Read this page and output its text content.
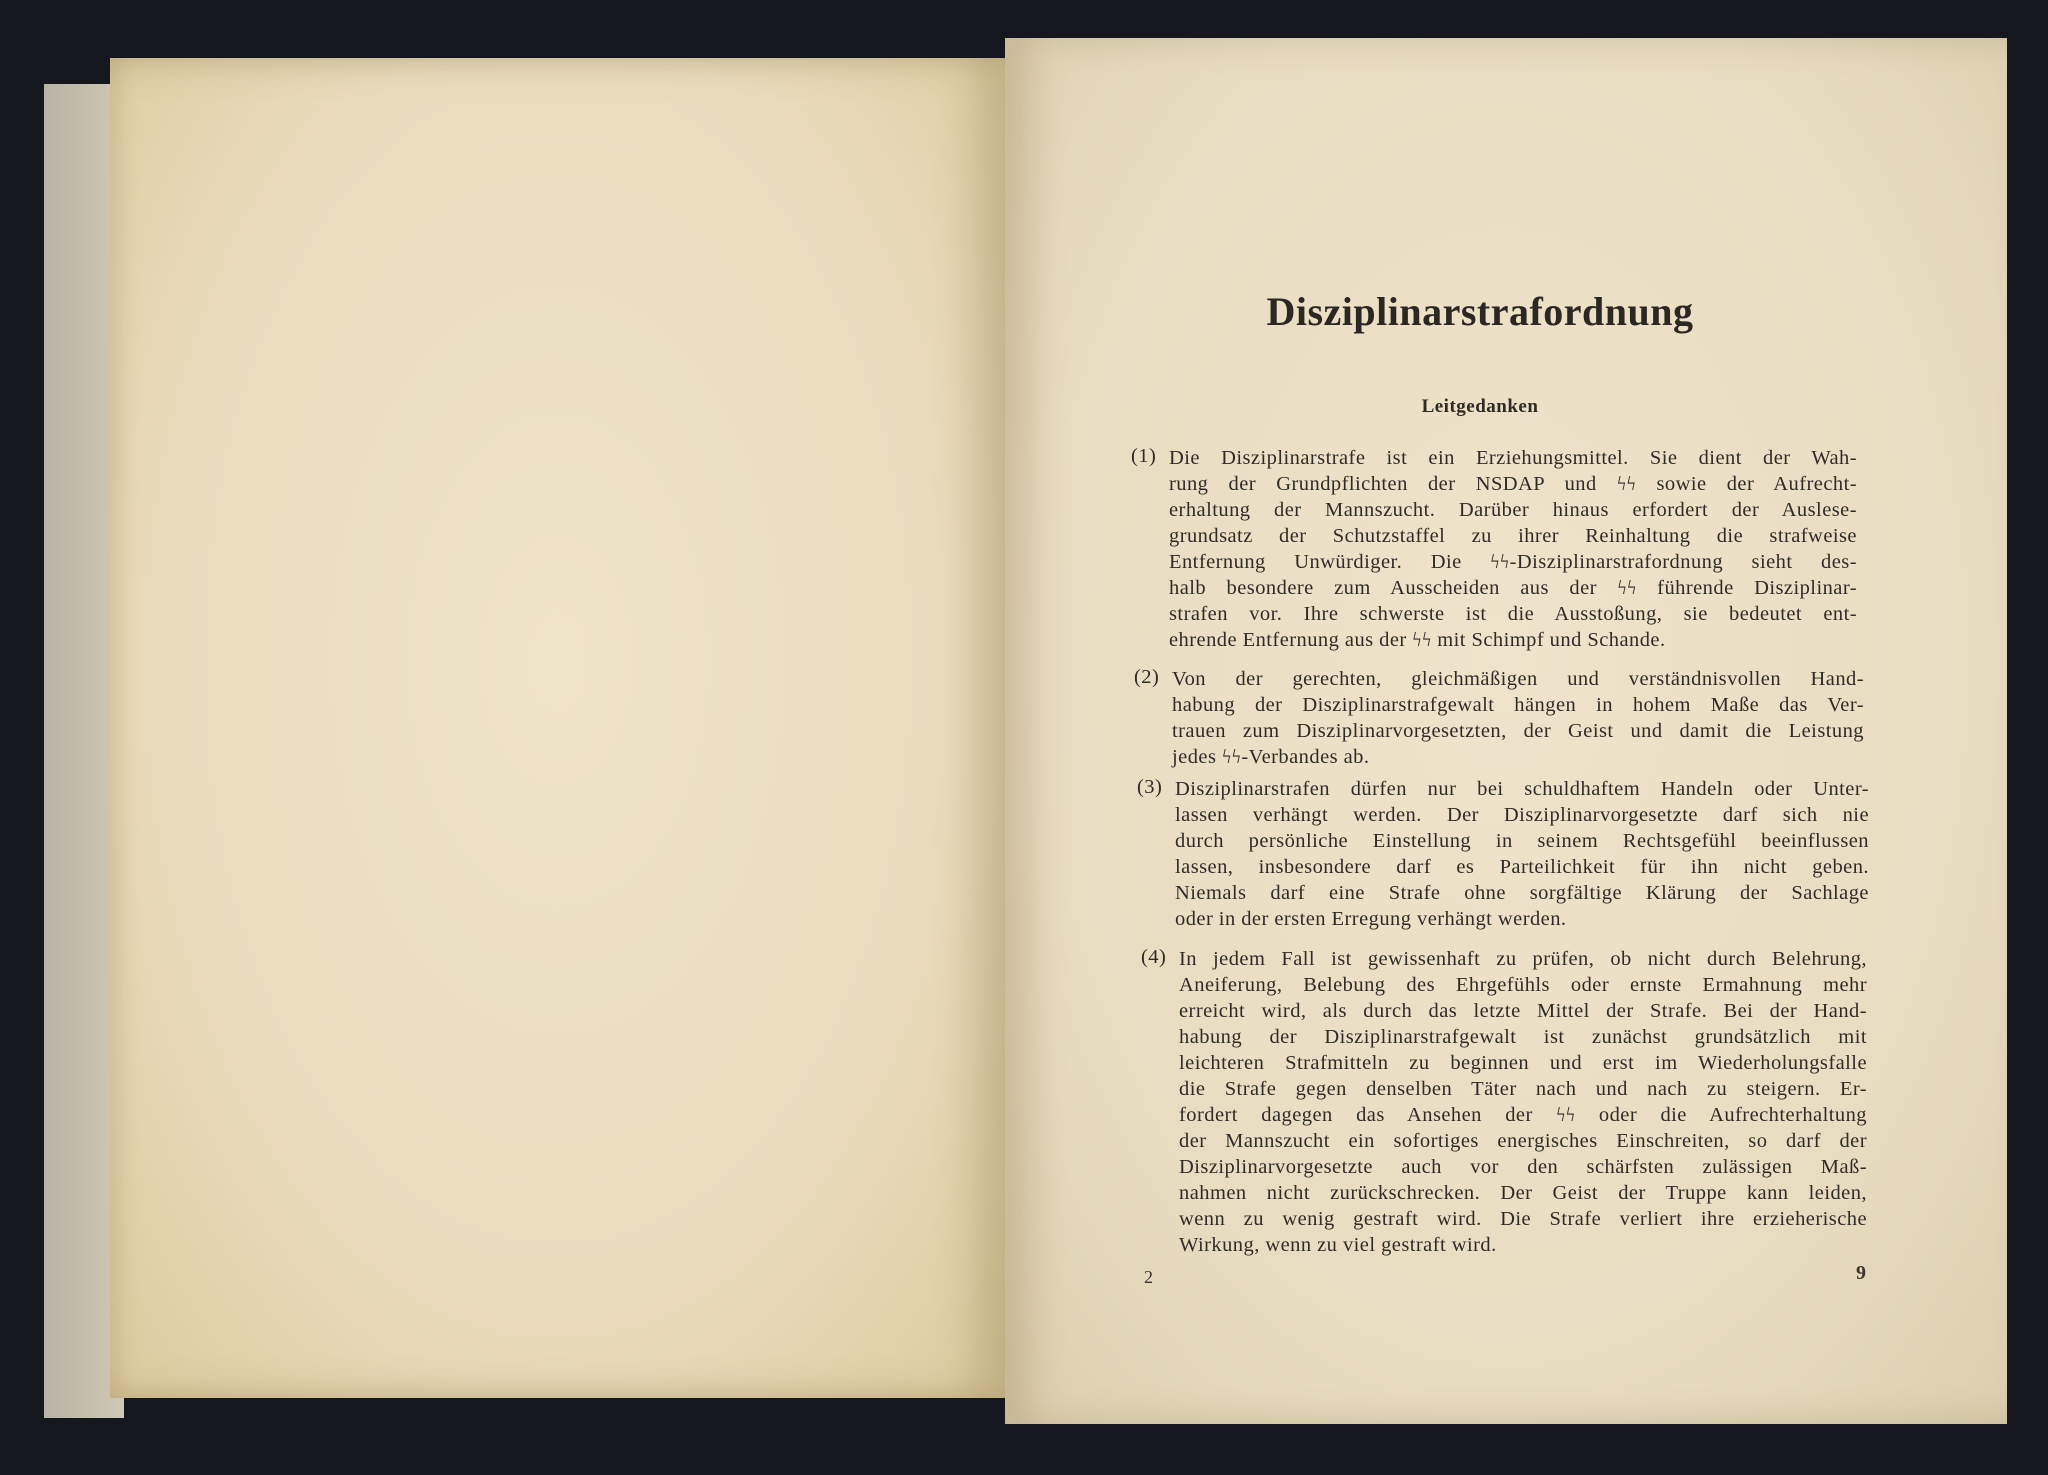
Disziplinarstrafordnung
Leitgedanken
(1) Die Disziplinarstrafe ist ein Erziehungsmittel. Sie dient der Wah-
rung der Grundpflichten der NSDAP und ϟϟ sowie der Aufrecht-
erhaltung der Mannszucht. Darüber hinaus erfordert der Auslese-
grundsatz der Schutzstaffel zu ihrer Reinhaltung die strafweise
Entfernung Unwürdiger. Die ϟϟ-Disziplinarstrafordnung sieht des-
halb besondere zum Ausscheiden aus der ϟϟ führende Disziplinar-
strafen vor. Ihre schwerste ist die Ausstoßung, sie bedeutet ent-
ehrende Entfernung aus der ϟϟ mit Schimpf und Schande.
(2) Von der gerechten, gleichmäßigen und verständnisvollen Hand-
habung der Disziplinarstrafgewalt hängen in hohem Maße das Ver-
trauen zum Disziplinarvorgesetzten, der Geist und damit die Leistung
jedes ϟϟ-Verbandes ab.
(3) Disziplinarstrafen dürfen nur bei schuldhaftem Handeln oder Unter-
lassen verhängt werden. Der Disziplinarvorgesetzte darf sich nie
durch persönliche Einstellung in seinem Rechtsgefühl beeinflussen
lassen, insbesondere darf es Parteilichkeit für ihn nicht geben.
Niemals darf eine Strafe ohne sorgfältige Klärung der Sachlage
oder in der ersten Erregung verhängt werden.
(4) In jedem Fall ist gewissenhaft zu prüfen, ob nicht durch Belehrung,
Aneiferung, Belebung des Ehrgefühls oder ernste Ermahnung mehr
erreicht wird, als durch das letzte Mittel der Strafe. Bei der Hand-
habung der Disziplinarstrafgewalt ist zunächst grundsätzlich mit
leichteren Strafmitteln zu beginnen und erst im Wiederholungsfalle
die Strafe gegen denselben Täter nach und nach zu steigern. Er-
fordert dagegen das Ansehen der ϟϟ oder die Aufrechterhaltung
der Mannszucht ein sofortiges energisches Einschreiten, so darf der
Disziplinarvorgesetzte auch vor den schärfsten zulässigen Maß-
nahmen nicht zurückschrecken. Der Geist der Truppe kann leiden,
wenn zu wenig gestraft wird. Die Strafe verliert ihre erzieherische
Wirkung, wenn zu viel gestraft wird.
2	9
